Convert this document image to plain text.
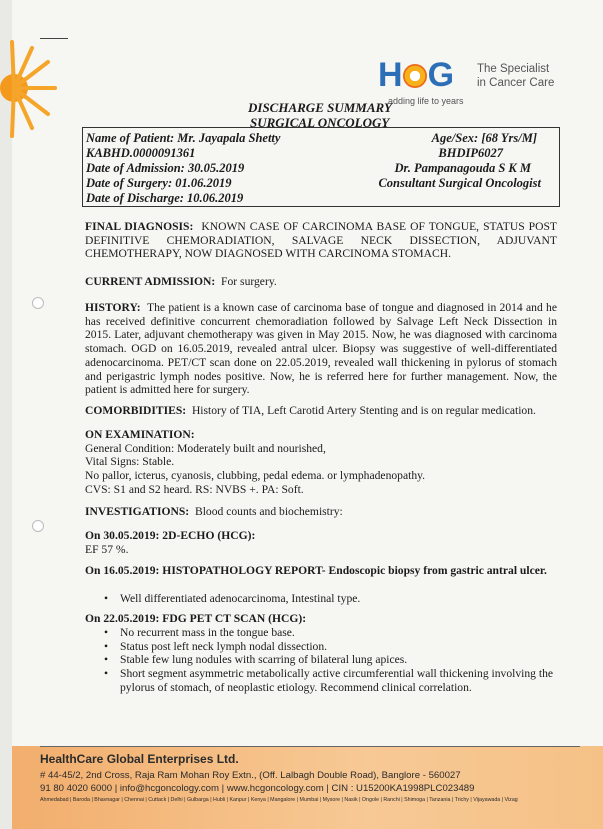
H G The Specialist
in Cancer Care
adding life to years
DISCHARGE SUMMARY
SURGICAL ONCOLOGY
Name of Patient: Mr. Jayapala Shetty
KABHD.0000091361
Date of Admission: 30.05.2019
Date of Surgery: 01.06.2019
Date of Discharge: 10.06.2019
Age/Sex: [68 Yrs/M]
BHDIP6027
Dr. Pampanagouda S K M
Consultant Surgical Oncologist
FINAL DIAGNOSIS: KNOWN CASE OF CARCINOMA BASE OF TONGUE, STATUS POST DEFINITIVE CHEMORADIATION, SALVAGE NECK DISSECTION, ADJUVANT CHEMOTHERAPY, NOW DIAGNOSED WITH CARCINOMA STOMACH.
CURRENT ADMISSION: For surgery.
HISTORY: The patient is a known case of carcinoma base of tongue and diagnosed in 2014 and he has received definitive concurrent chemoradiation followed by Salvage Left Neck Dissection in 2015. Later, adjuvant chemotherapy was given in May 2015. Now, he was diagnosed with carcinoma stomach. OGD on 16.05.2019, revealed antral ulcer. Biopsy was suggestive of well-differentiated adenocarcinoma. PET/CT scan done on 22.05.2019, revealed wall thickening in pylorus of stomach and perigastric lymph nodes positive. Now, he is referred here for further management. Now, the patient is admitted here for surgery.
COMORBIDITIES: History of TIA, Left Carotid Artery Stenting and is on regular medication.
ON EXAMINATION:
General Condition: Moderately built and nourished,
Vital Signs: Stable.
No pallor, icterus, cyanosis, clubbing, pedal edema. or lymphadenopathy.
CVS: S1 and S2 heard. RS: NVBS +. PA: Soft.
INVESTIGATIONS: Blood counts and biochemistry:
On 30.05.2019: 2D-ECHO (HCG):
EF 57 %.
On 16.05.2019: HISTOPATHOLOGY REPORT- Endoscopic biopsy from gastric antral ulcer.
• Well differentiated adenocarcinoma, Intestinal type.
On 22.05.2019: FDG PET CT SCAN (HCG):
• No recurrent mass in the tongue base.
• Status post left neck lymph nodal dissection.
• Stable few lung nodules with scarring of bilateral lung apices.
• Short segment asymmetric metabolically active circumferential wall thickening involving the pylorus of stomach, of neoplastic etiology. Recommend clinical correlation.
HealthCare Global Enterprises Ltd.
# 44-45/2, 2nd Cross, Raja Ram Mohan Roy Extn., (Off. Lalbagh Double Road), Banglore - 560027
91 80 4020 6000 | info@hcgoncology.com | www.hcgoncology.com | CIN : U15200KA1998PLC023489
Ahmedabad | Baroda | Bhavnagar | Chennai | Cuttack | Delhi | Gulbarga | Hubli | Kanpur | Kenya | Mangalore | Mumbai | Mysore | Nasik | Ongole | Ranchi | Shimoga | Tanzania | Trichy | Vijayawada | Vizag
